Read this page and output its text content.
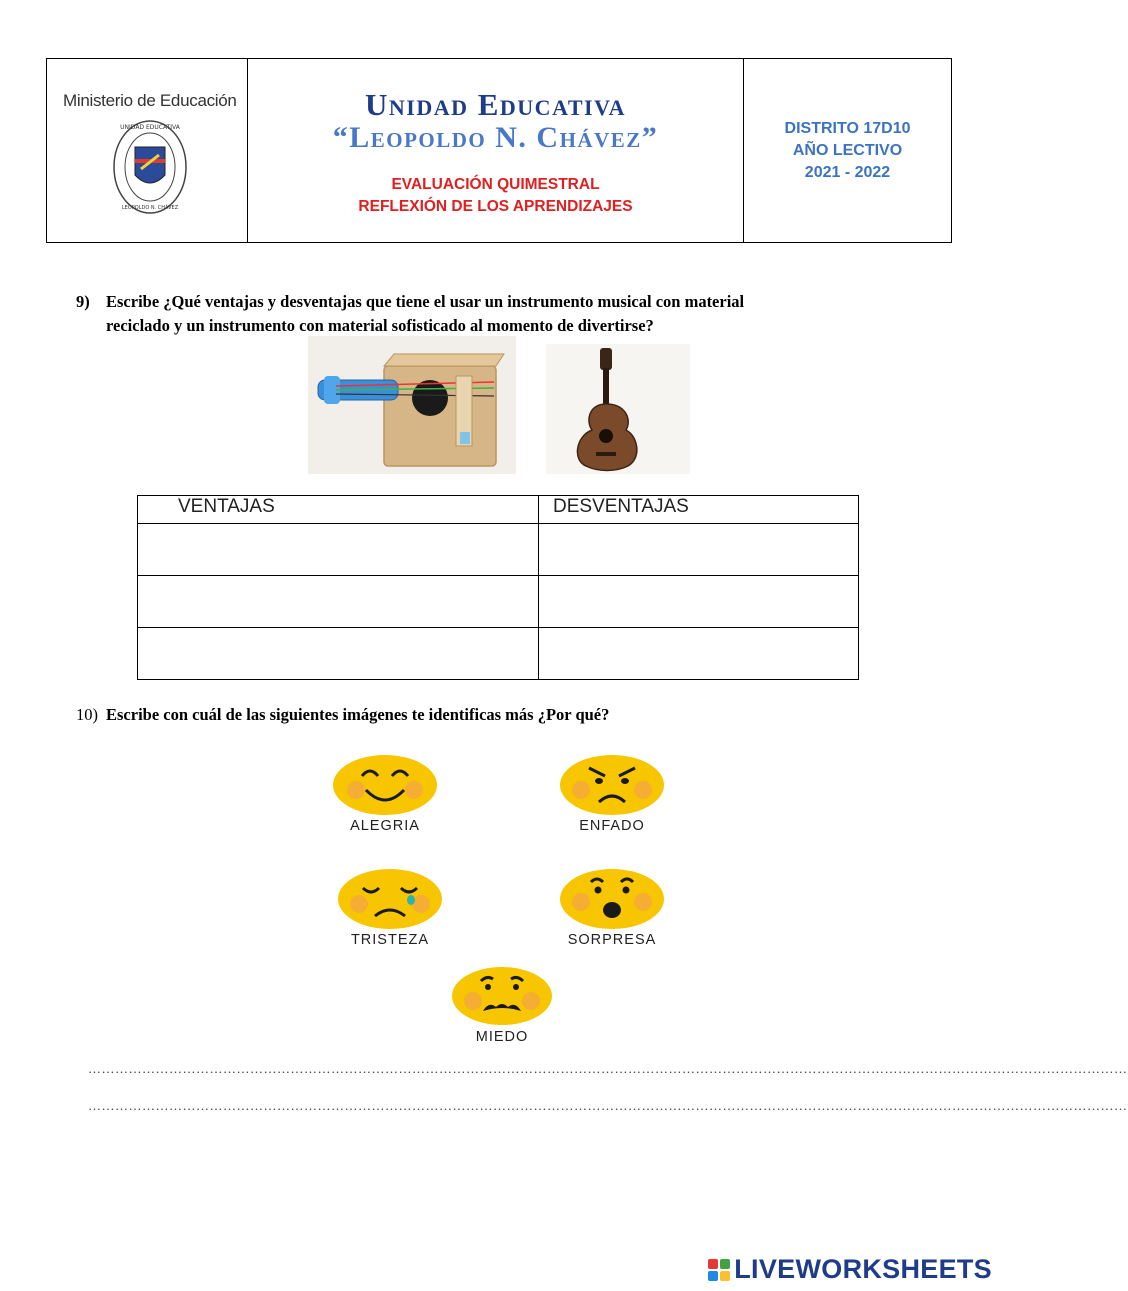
Ministerio de Educación
UNIDAD EDUCATIVA
LEOPOLDO N. CHÁVEZ
Unidad Educativa
“Leopoldo N. Chávez”
EVALUACIÓN QUIMESTRAL
REFLEXIÓN DE LOS APRENDIZAJES
DISTRITO 17D10
AÑO LECTIVO
2021 - 2022
9) Escribe ¿Qué ventajas y desventajas que tiene el usar un instrumento musical con material
reciclado y un instrumento con material sofisticado al momento de divertirse?
VENTAJAS	DESVENTAJAS

10) Escribe con cuál de las siguientes imágenes te identificas más ¿Por qué?
ALEGRIA	ENFADO
TRISTEZA	SORPRESA
MIEDO
……………………………………………………………………………………………………………………………………………………………………………………………………………
……………………………………………………………………………………………………………………………………………………………………………………………………………
LIVEWORKSHEETS
